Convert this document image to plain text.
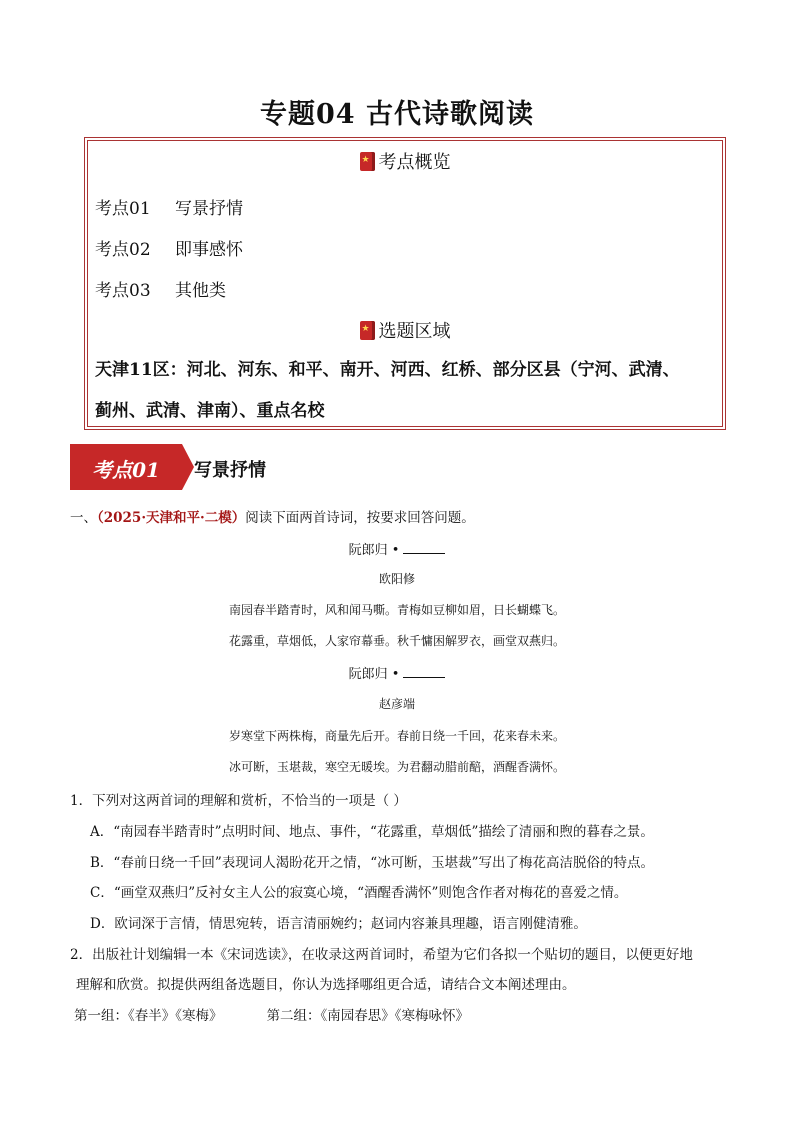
专题04 古代诗歌阅读
★考点概览
考点01 写景抒情
考点02 即事感怀
考点03 其他类
★选题区域
天津11区：河北、河东、和平、南开、河西、红桥、部分区县（宁河、武清、
蓟州、武清、津南）、重点名校
考点01	写景抒情
一、（2025·天津和平·二模）阅读下面两首诗词，按要求回答问题。
阮郎归 •
欧阳修
南园春半踏青时，风和闻马嘶。青梅如豆柳如眉，日长蝴蝶飞。
花露重，草烟低，人家帘幕垂。秋千慵困解罗衣，画堂双燕归。
阮郎归 •
赵彦端
岁寒堂下两株梅，商量先后开。春前日绕一千回，花来春未来。
冰可断，玉堪裁，寒空无暖埃。为君翻动腊前醅，酒醒香满怀。
1．下列对这两首词的理解和赏析，不恰当的一项是（ ）
A．“南园春半踏青时”点明时间、地点、事件，“花露重，草烟低”描绘了清丽和煦的暮春之景。
B．“春前日绕一千回”表现词人渴盼花开之情，“冰可断，玉堪裁”写出了梅花高洁脱俗的特点。
C．“画堂双燕归”反衬女主人公的寂寞心境，“酒醒香满怀”则饱含作者对梅花的喜爱之情。
D．欧词深于言情，情思宛转，语言清丽婉约；赵词内容兼具理趣，语言刚健清雅。
2．出版社计划编辑一本《宋词选读》，在收录这两首词时，希望为它们各拟一个贴切的题目，以便更好地
理解和欣赏。拟提供两组备选题目，你认为选择哪组更合适，请结合文本阐述理由。
第一组：《春半》《寒梅》	第二组：《南园春思》《寒梅咏怀》
